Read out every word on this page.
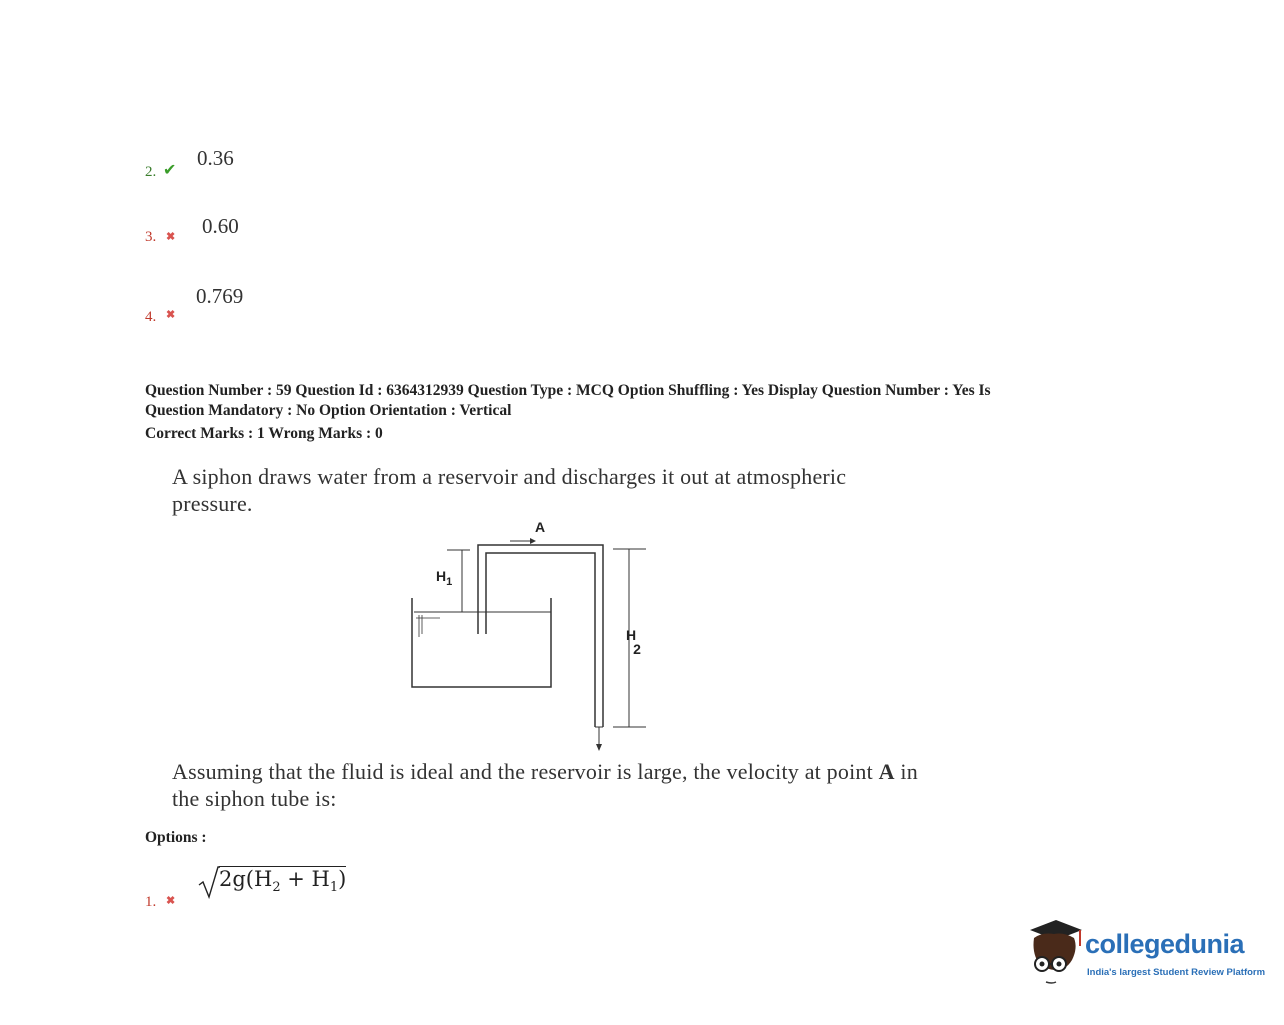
2. ✔
0.36
3. ✖ 0.60
4. ✖
0.769
Question Number : 59 Question Id : 6364312939 Question Type : MCQ Option Shuffling : Yes Display Question Number : Yes Is
Question Mandatory : No Option Orientation : Vertical
Correct Marks : 1 Wrong Marks : 0
A siphon draws water from a reservoir and discharges it out at atmospheric
pressure.
A
$H_1$
H 2
Assuming that the fluid is ideal and the reservoir is large, the velocity at point A in
the siphon tube is:
Options :
1. ✖
$2g(H_2 + H_1)$
collegedunia
India's largest Student Review Platform
